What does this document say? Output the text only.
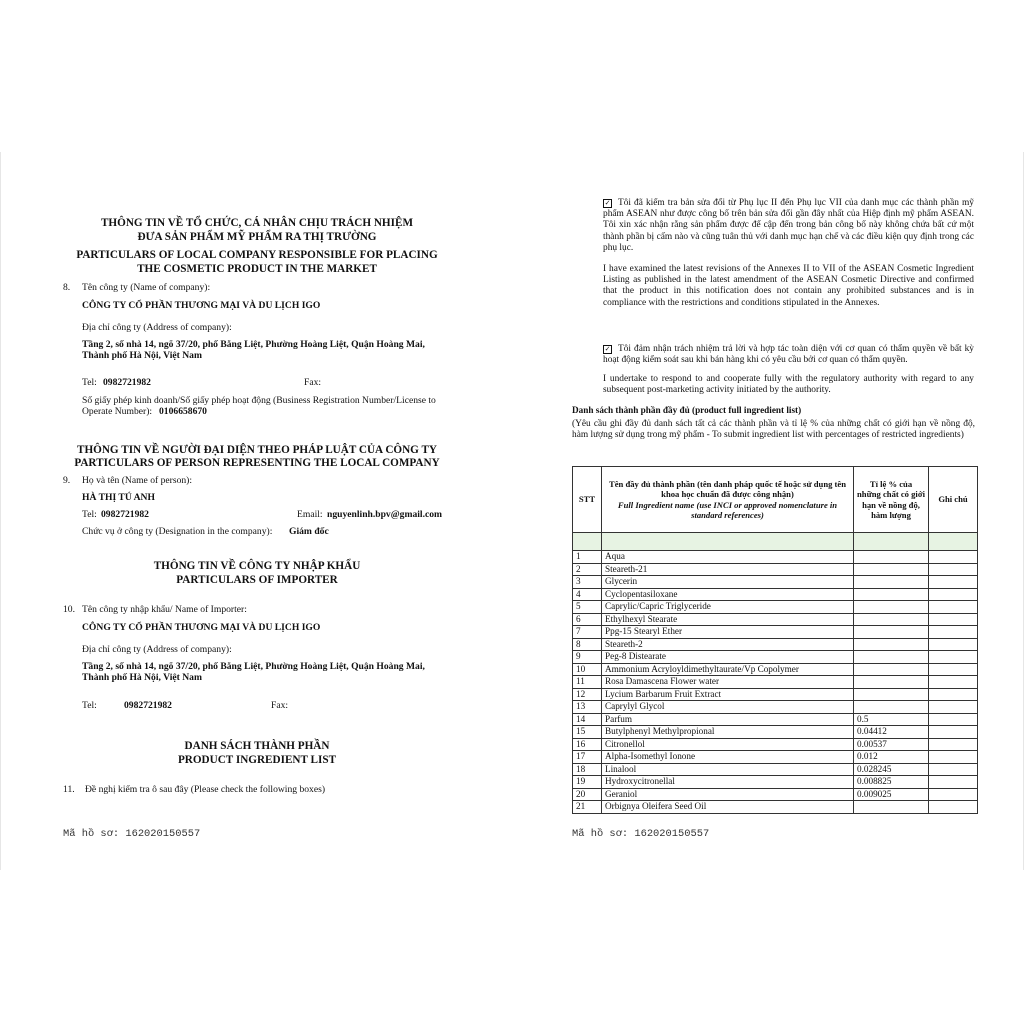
THÔNG TIN VỀ TỔ CHỨC, CÁ NHÂN CHỊU TRÁCH NHIỆM
ĐƯA SẢN PHẨM MỸ PHẨM RA THỊ TRƯỜNG
PARTICULARS OF LOCAL COMPANY RESPONSIBLE FOR PLACING
THE COSMETIC PRODUCT IN THE MARKET
8. Tên công ty (Name of company):
CÔNG TY CỔ PHẦN THƯƠNG MẠI VÀ DU LỊCH IGO
Địa chỉ công ty (Address of company):
Tầng 2, số nhà 14, ngõ 37/20, phố Bằng Liệt, Phường Hoàng Liệt, Quận Hoàng Mai,
Thành phố Hà Nội, Việt Nam
Tel: 0982721982	Fax:
Số giấy phép kinh doanh/Số giấy phép hoạt động (Business Registration Number/License to
Operate Number): 0106658670
THÔNG TIN VỀ NGƯỜI ĐẠI DIỆN THEO PHÁP LUẬT CỦA CÔNG TY
PARTICULARS OF PERSON REPRESENTING THE LOCAL COMPANY
9. Họ và tên (Name of person):
HÀ THỊ TÚ ANH
Tel: 0982721982	Email: nguyenlinh.bpv@gmail.com
Chức vụ ở công ty (Designation in the company): Giám đốc
THÔNG TIN VỀ CÔNG TY NHẬP KHẨU
PARTICULARS OF IMPORTER
10. Tên công ty nhập khẩu/ Name of Importer:
CÔNG TY CỔ PHẦN THƯƠNG MẠI VÀ DU LỊCH IGO
Địa chỉ công ty (Address of company):
Tầng 2, số nhà 14, ngõ 37/20, phố Bằng Liệt, Phường Hoàng Liệt, Quận Hoàng Mai,
Thành phố Hà Nội, Việt Nam
Tel:	0982721982	Fax:
DANH SÁCH THÀNH PHẦN
PRODUCT INGREDIENT LIST
11. Đề nghị kiểm tra ô sau đây (Please check the following boxes)
Mã hồ sơ: 162020150557
✓ Tôi đã kiểm tra bản sửa đổi từ Phụ lục II đến Phụ lục VII của danh mục các thành phần mỹ phẩm ASEAN như được công bố trên bản sửa đổi gần đây nhất của Hiệp định mỹ phẩm ASEAN. Tôi xin xác nhận rằng sản phẩm được để cập đến trong bản công bố này không chứa bất cứ một thành phần bị cấm nào và cũng tuân thủ với danh mục hạn chế và các điều kiện quy định trong các phụ lục.
I have examined the latest revisions of the Annexes II to VII of the ASEAN Cosmetic Ingredient Listing as published in the latest amendment of the ASEAN Cosmetic Directive and confirmed that the product in this notification does not contain any prohibited substances and is in compliance with the restrictions and conditions stipulated in the Annexes.
✓ Tôi đảm nhận trách nhiệm trả lời và hợp tác toàn diện với cơ quan có thẩm quyền về bất kỳ hoạt động kiểm soát sau khi bán hàng khi có yêu cầu bởi cơ quan có thẩm quyền.
I undertake to respond to and cooperate fully with the regulatory authority with regard to any subsequent post-marketing activity initiated by the authority.
Danh sách thành phần đầy đủ (product full ingredient list)
(Yêu cầu ghi đầy đủ danh sách tất cả các thành phần và tỉ lệ % của những chất có giới hạn về nồng độ, hàm lượng sử dụng trong mỹ phẩm - To submit ingredient list with percentages of restricted ingredients)
STT	Tên đầy đủ thành phần (tên danh pháp quốc tế hoặc sử dụng tên khoa học chuẩn đã được công nhận)
Full Ingredient name (use INCI or approved nomenclature in standard references)	Tỉ lệ % của những chất có giới hạn về nồng độ, hàm lượng	Ghi chú

1	Aqua		
2	Steareth-21		
3	Glycerin		
4	Cyclopentasiloxane		
5	Caprylic/Capric Triglyceride		
6	Ethylhexyl Stearate		
7	Ppg-15 Stearyl Ether		
8	Steareth-2		
9	Peg-8 Distearate		
10	Ammonium Acryloyldimethyltaurate/Vp Copolymer		
11	Rosa Damascena Flower water		
12	Lycium Barbarum Fruit Extract		
13	Caprylyl Glycol		
14	Parfum	0.5	
15	Butylphenyl Methylpropional	0.04412	
16	Citronellol	0.00537	
17	Alpha-Isomethyl Ionone	0.012	
18	Linalool	0.028245	
19	Hydroxycitronellal	0.008825	
20	Geraniol	0.009025	
21	Orbignya Oleifera Seed Oil		
Mã hồ sơ: 162020150557
